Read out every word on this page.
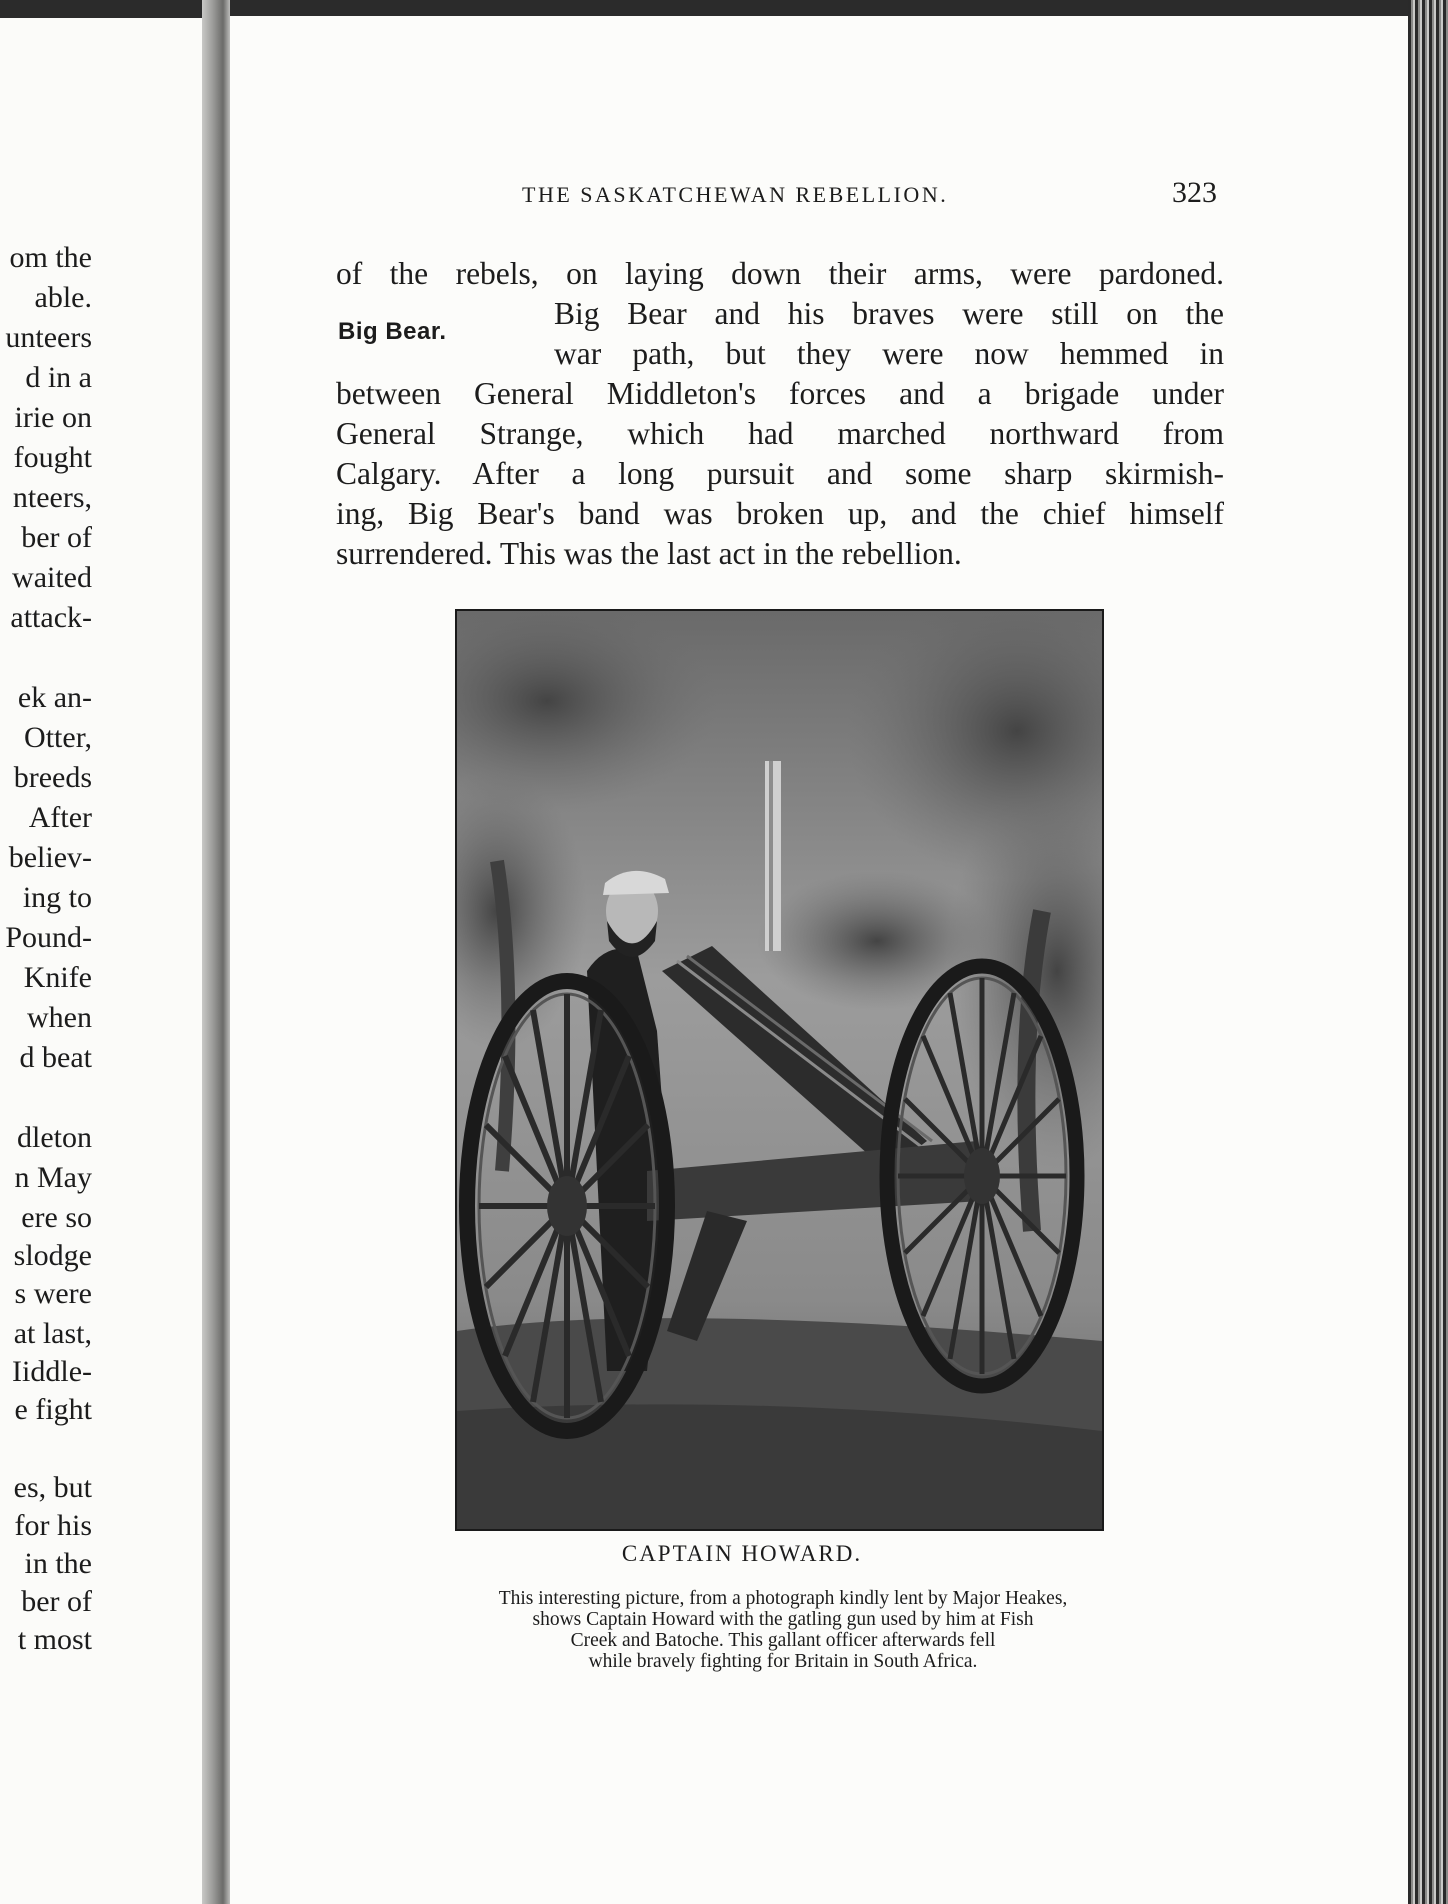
om the
able.
unteers
d in a
irie on
fought
nteers,
ber of
waited
attack-
ek an-
Otter,
breeds
After
believ-
ing to
Pound-
Knife
when
d beat
dleton
n May
ere so
slodge
s were
at last,
Iiddle-
e fight
es, but
for his
in the
ber of
t most
THE SASKATCHEWAN REBELLION.	323
Big Bear.
of the rebels, on laying down their arms, were pardoned.
Big Bear and his braves were still on the
war path, but they were now hemmed in
between General Middleton's forces and a brigade under
General Strange, which had marched northward from
Calgary. After a long pursuit and some sharp skirmish-
ing, Big Bear's band was broken up, and the chief himself
surrendered. This was the last act in the rebellion.
CAPTAIN HOWARD.
This interesting picture, from a photograph kindly lent by Major Heakes,
shows Captain Howard with the gatling gun used by him at Fish
Creek and Batoche. This gallant officer afterwards fell
while bravely fighting for Britain in South Africa.
